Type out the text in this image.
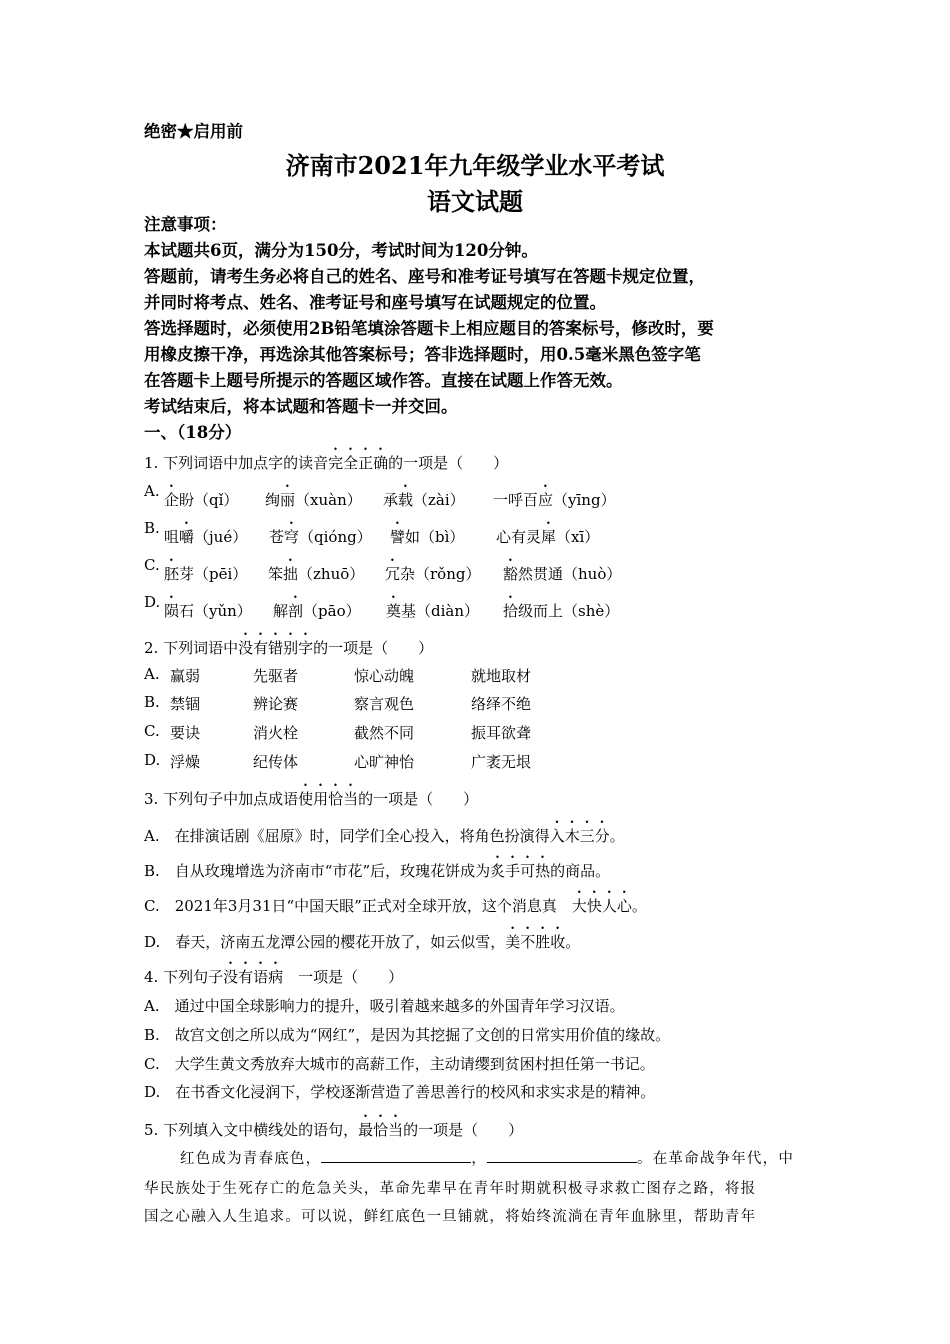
绝密★启用前
济南市2021年九年级学业水平考试
语文试题
注意事项：
本试题共6页，满分为150分，考试时间为120分钟。
答题前，请考生务必将自己的姓名、座号和准考证号填写在答题卡规定位置，
并同时将考点、姓名、准考证号和座号填写在试题规定的位置。
答选择题时，必须使用2B铅笔填涂答题卡上相应题目的答案标号，修改时，要
用橡皮擦干净，再选涂其他答案标号；答非选择题时，用0.5毫米黑色签字笔
在答题卡上题号所提示的答题区域作答。直接在试题上作答无效。
考试结束后，将本试题和答题卡一并交回。
一、（18分）
1. 下列词语中加点字的读音完全正确的一项是（　　）
A. 企盼（qǐ） 绚丽（xuàn） 承载（zài） 一呼百应（yīng）
B. 咀嚼（jué） 苍穹（qióng） 譬如（bì） 心有灵犀（xī）
C. 胚芽（pēi） 笨拙（zhuō） 冗杂（rǒng） 豁然贯通（huò）
D. 陨石（yǔn） 解剖（pāo） 奠基（diàn） 拾级而上（shè）
2. 下列词语中没有错别字的一项是（　　）
A. 赢弱	先驱者	惊心动魄	就地取材
B. 禁锢	辨论赛	察言观色	络绎不绝
C. 要诀	消火栓	截然不同	振耳欲聋
D. 浮燥	纪传体	心旷神怡	广袤无垠
3. 下列句子中加点成语使用恰当的一项是（　　）
A.　在排演话剧《屈原》时，同学们全心投入，将角色扮演得入木三分。
B.　自从玫瑰增选为济南市“市花”后，玫瑰花饼成为炙手可热的商品。
C.　2021年3月31日“中国天眼”正式对全球开放，这个消息真　大快人心。
D.　春天，济南五龙潭公园的樱花开放了，如云似雪，美不胜收。
4. 下列句子没有语病　一项是（　　）
A.　通过中国全球影响力的提升，吸引着越来越多的外国青年学习汉语。
B.　故宫文创之所以成为“网红”，是因为其挖掘了文创的日常实用价值的缘故。
C.　大学生黄文秀放弃大城市的高薪工作，主动请缨到贫困村担任第一书记。
D.　在书香文化浸润下，学校逐渐营造了善思善行的校风和求实求是的精神。
5. 下列填入文中横线处的语句，最恰当的一项是（　　）
红色成为青春底色，	，	。在革命战争年代，中
华民族处于生死存亡的危急关头，革命先辈早在青年时期就积极寻求救亡图存之路，将报
国之心融入人生追求。可以说，鲜红底色一旦铺就，将始终流淌在青年血脉里，帮助青年
